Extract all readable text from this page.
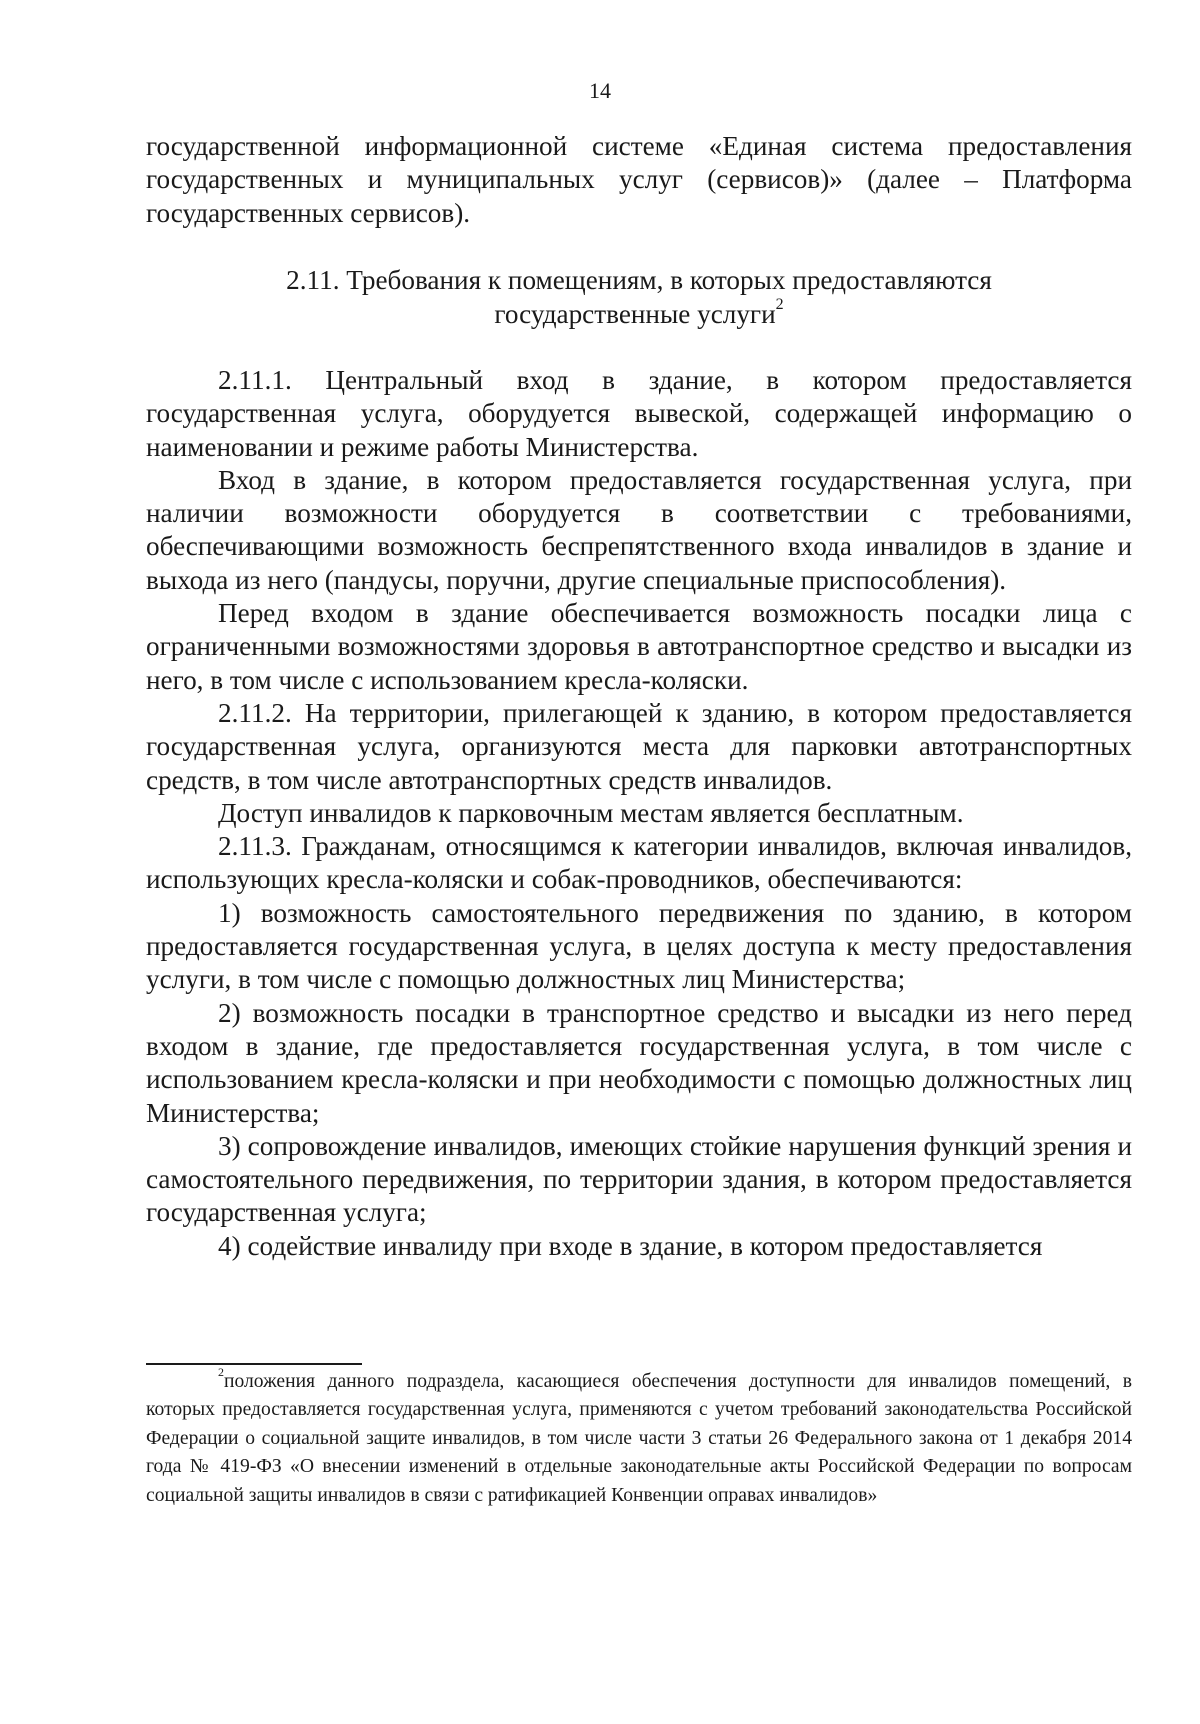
14

государственной информационной системе «Единая система предоставления государственных и муниципальных услуг (сервисов)» (далее – Платформа государственных сервисов).

2.11. Требования к помещениям, в которых предоставляются
государственные услуги$^2$

2.11.1. Центральный вход в здание, в котором предоставляется государственная услуга, оборудуется вывеской, содержащей информацию о наименовании и режиме работы Министерства.

Вход в здание, в котором предоставляется государственная услуга, при наличии возможности оборудуется в соответствии с требованиями, обеспечивающими возможность беспрепятственного входа инвалидов в здание и выхода из него (пандусы, поручни, другие специальные приспособления).

Перед входом в здание обеспечивается возможность посадки лица с ограниченными возможностями здоровья в автотранспортное средство и высадки из него, в том числе с использованием кресла-коляски.

2.11.2. На территории, прилегающей к зданию, в котором предоставляется государственная услуга, организуются места для парковки автотранспортных средств, в том числе автотранспортных средств инвалидов.

Доступ инвалидов к парковочным местам является бесплатным.

2.11.3. Гражданам, относящимся к категории инвалидов, включая инвалидов, использующих кресла-коляски и собак-проводников, обеспечиваются:

1) возможность самостоятельного передвижения по зданию, в котором предоставляется государственная услуга, в целях доступа к месту предоставления услуги, в том числе с помощью должностных лиц Министерства;

2) возможность посадки в транспортное средство и высадки из него перед входом в здание, где предоставляется государственная услуга, в том числе с использованием кресла-коляски и при необходимости с помощью должностных лиц Министерства;

3) сопровождение инвалидов, имеющих стойкие нарушения функций зрения и самостоятельного передвижения, по территории здания, в котором предоставляется государственная услуга;

4) содействие инвалиду при входе в здание, в котором предоставляется

$^2$положения данного подраздела, касающиеся обеспечения доступности для инвалидов помещений, в которых предоставляется государственная услуга, применяются с учетом требований законодательства Российской Федерации о социальной защите инвалидов, в том числе части 3 статьи 26 Федерального закона от 1 декабря 2014 года № 419-ФЗ «О внесении изменений в отдельные законодательные акты Российской Федерации по вопросам социальной защиты инвалидов в связи с ратификацией Конвенции оправах инвалидов»
